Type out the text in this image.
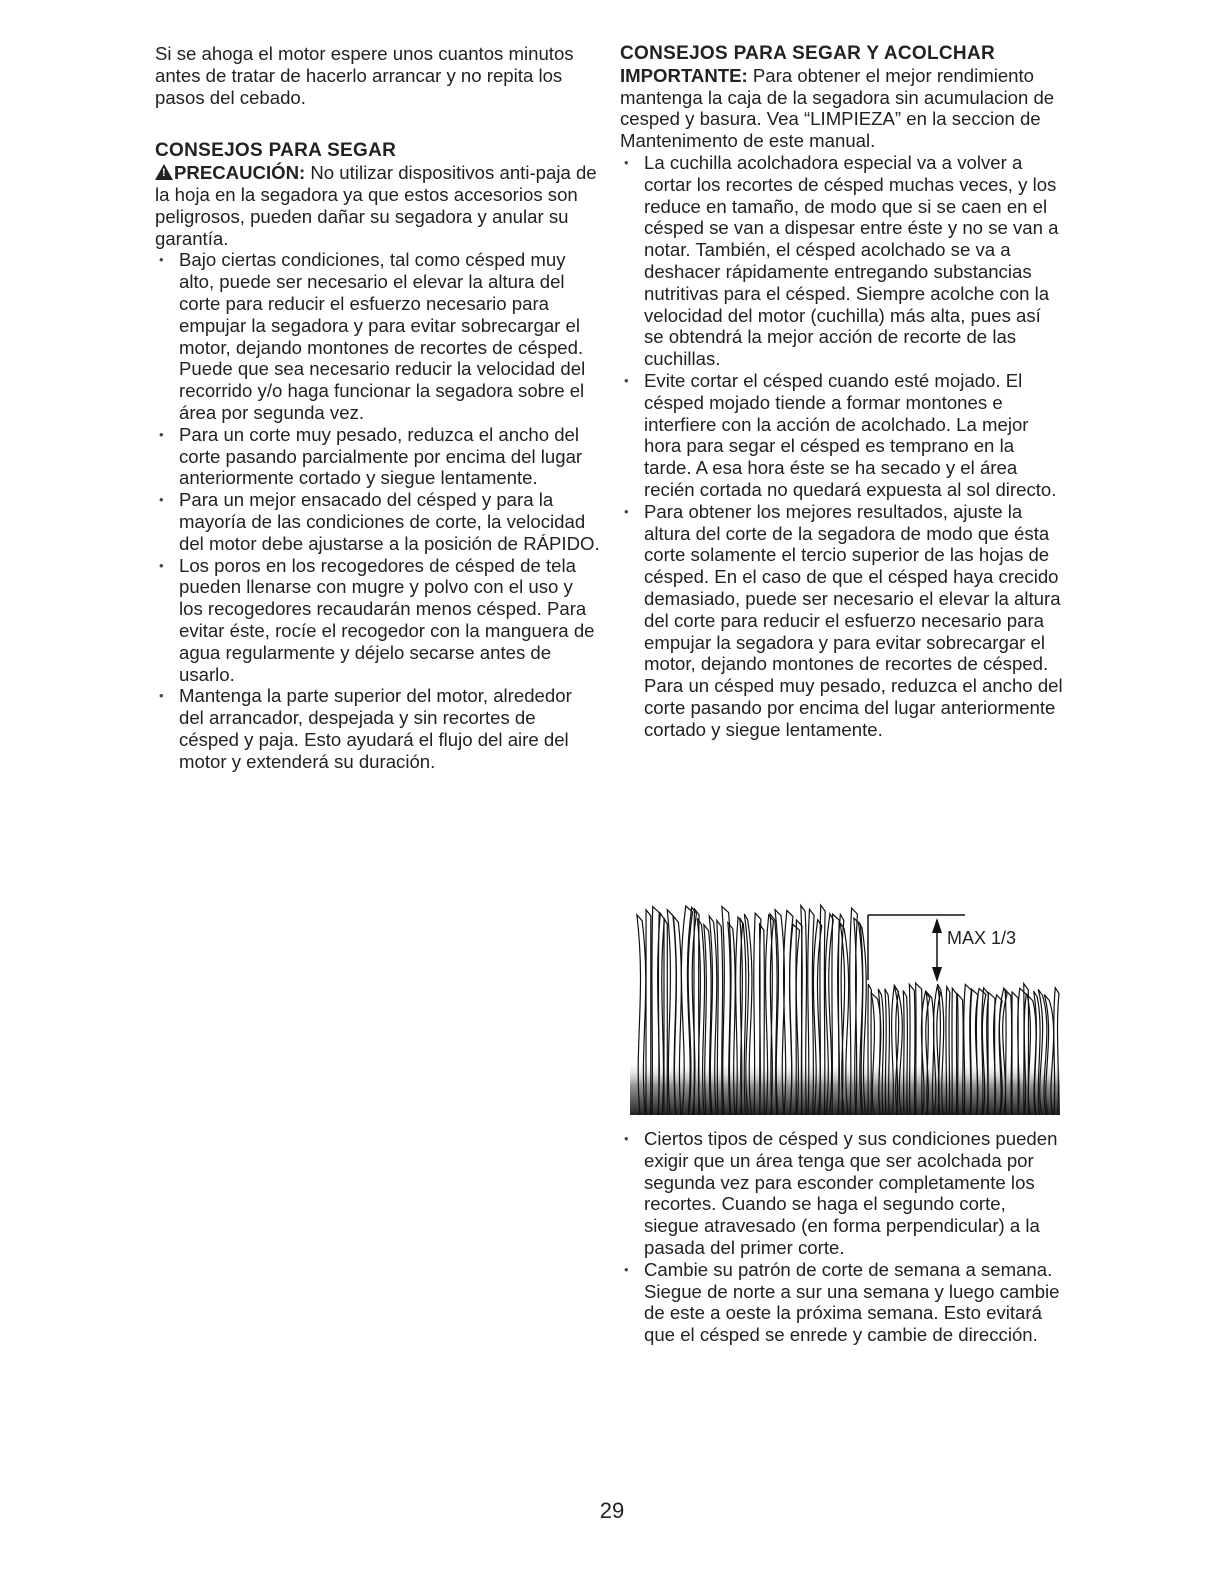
Si se ahoga el motor espere unos cuantos minutos antes de tratar de hacerlo arrancar y no repita los pasos del cebado.

CONSEJOS PARA SEGAR

!PRECAUCIÓN: No utilizar dispositivos anti-paja de la hoja en la segadora ya que estos accesorios son peligrosos, pueden dañar su segadora y anular su garantía.

• Bajo ciertas condiciones, tal como césped muy alto, puede ser necesario el elevar la altura del corte para reducir el esfuerzo necesario para empujar la segadora y para evitar sobrecargar el motor, dejando montones de recortes de césped. Puede que sea necesario reducir la velocidad del recorrido y/o haga funcionar la segadora sobre el área por segunda vez.
• Para un corte muy pesado, reduzca el ancho del corte pasando parcialmente por encima del lugar anteriormente cortado y siegue lentamente.
• Para un mejor ensacado del césped y para la mayoría de las condiciones de corte, la velocidad del motor debe ajustarse a la posición de RÁPIDO.
• Los poros en los recogedores de césped de tela pueden llenarse con mugre y polvo con el uso y los recogedores recaudarán menos césped. Para evitar éste, rocíe el recogedor con la manguera de agua regularmente y déjelo secarse antes de usarlo.
• Mantenga la parte superior del motor, alrededor del arrancador, despejada y sin recortes de césped y paja. Esto ayudará el flujo del aire del motor y extenderá su duración.
CONSEJOS PARA SEGAR Y ACOLCHAR

IMPORTANTE: Para obtener el mejor rendimiento mantenga la caja de la segadora sin acumulacion de cesped y basura. Vea “LIMPIEZA” en la seccion de Mantenimento de este manual.

• La cuchilla acolchadora especial va a volver a cortar los recortes de césped muchas veces, y los reduce en tamaño, de modo que si se caen en el césped se van a dispesar entre éste y no se van a notar. También, el césped acolchado se va a deshacer rápidamente entregando substancias nutritivas para el césped. Siempre acolche con la velocidad del motor (cuchilla) más alta, pues así se obtendrá la mejor acción de recorte de las cuchillas.
• Evite cortar el césped cuando esté mojado. El césped mojado tiende a formar montones e interfiere con la acción de acolchado. La mejor hora para segar el césped es temprano en la tarde. A esa hora éste se ha secado y el área recién cortada no quedará expuesta al sol directo.
• Para obtener los mejores resultados, ajuste la altura del corte de la segadora de modo que ésta corte solamente el tercio superior de las hojas de césped. En el caso de que el césped haya crecido demasiado, puede ser necesario el elevar la altura del corte para reducir el esfuerzo necesario para empujar la segadora y para evitar sobrecargar el motor, dejando montones de recortes de césped. Para un césped muy pesado, reduzca el ancho del corte pasando por encima del lugar anteriormente cortado y siegue lentamente.
MAX 1/3
• Ciertos tipos de césped y sus condiciones pueden exigir que un área tenga que ser acolchada por segunda vez para esconder completamente los recortes. Cuando se haga el segundo corte, siegue atravesado (en forma perpendicular) a la pasada del primer corte.
• Cambie su patrón de corte de semana a semana. Siegue de norte a sur una semana y luego cambie de este a oeste la próxima semana. Esto evitará que el césped se enrede y cambie de dirección.
29
